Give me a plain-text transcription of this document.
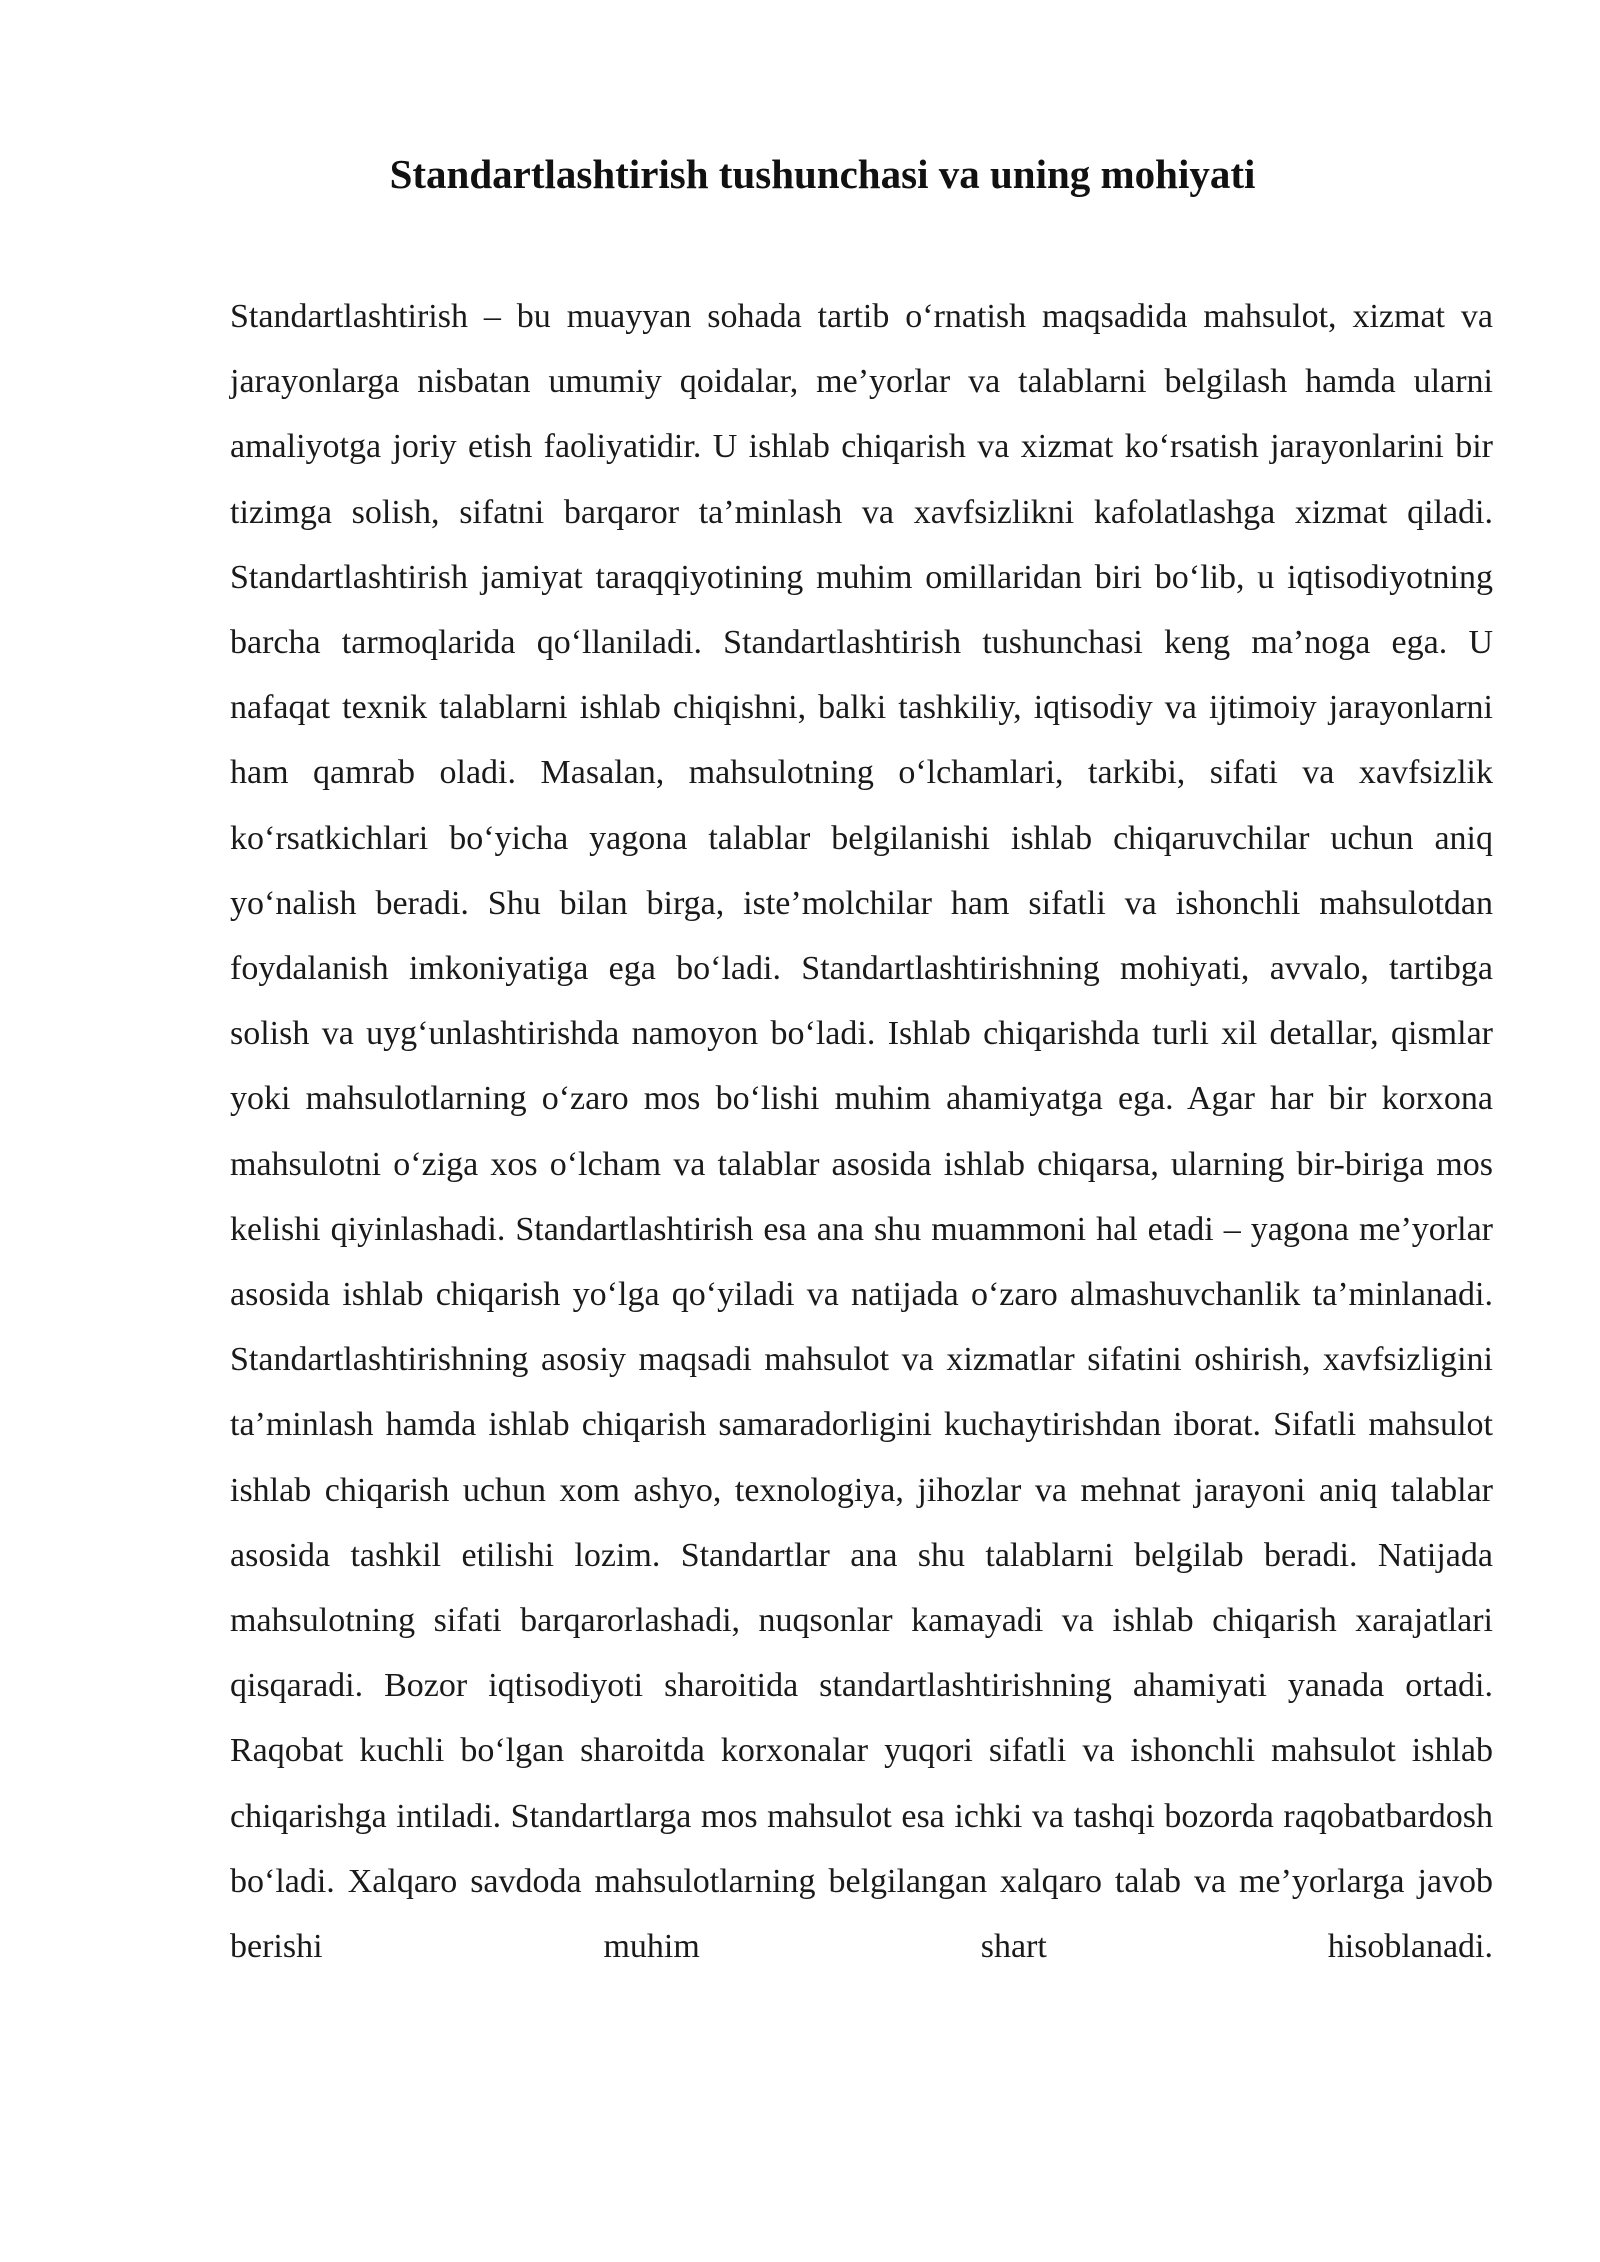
Standartlashtirish tushunchasi va uning mohiyati

Standartlashtirish – bu muayyan sohada tartib o‘rnatish maqsadida mahsulot, xizmat va jarayonlarga nisbatan umumiy qoidalar, me’yorlar va talablarni belgilash hamda ularni amaliyotga joriy etish faoliyatidir. U ishlab chiqarish va xizmat ko‘rsatish jarayonlarini bir tizimga solish, sifatni barqaror ta’minlash va xavfsizlikni kafolatlashga xizmat qiladi. Standartlashtirish jamiyat taraqqiyotining muhim omillaridan biri bo‘lib, u iqtisodiyotning barcha tarmoqlarida qo‘llaniladi. Standartlashtirish tushunchasi keng ma’noga ega. U nafaqat texnik talablarni ishlab chiqishni, balki tashkiliy, iqtisodiy va ijtimoiy jarayonlarni ham qamrab oladi. Masalan, mahsulotning o‘lchamlari, tarkibi, sifati va xavfsizlik ko‘rsatkichlari bo‘yicha yagona talablar belgilanishi ishlab chiqaruvchilar uchun aniq yo‘nalish beradi. Shu bilan birga, iste’molchilar ham sifatli va ishonchli mahsulotdan foydalanish imkoniyatiga ega bo‘ladi. Standartlashtirishning mohiyati, avvalo, tartibga solish va uyg‘unlashtirishda namoyon bo‘ladi. Ishlab chiqarishda turli xil detallar, qismlar yoki mahsulotlarning o‘zaro mos bo‘lishi muhim ahamiyatga ega. Agar har bir korxona mahsulotni o‘ziga xos o‘lcham va talablar asosida ishlab chiqarsa, ularning bir-biriga mos kelishi qiyinlashadi. Standartlashtirish esa ana shu muammoni hal etadi – yagona me’yorlar asosida ishlab chiqarish yo‘lga qo‘yiladi va natijada o‘zaro almashuvchanlik ta’minlanadi. Standartlashtirishning asosiy maqsadi mahsulot va xizmatlar sifatini oshirish, xavfsizligini ta’minlash hamda ishlab chiqarish samaradorligini kuchaytirishdan iborat. Sifatli mahsulot ishlab chiqarish uchun xom ashyo, texnologiya, jihozlar va mehnat jarayoni aniq talablar asosida tashkil etilishi lozim. Standartlar ana shu talablarni belgilab beradi. Natijada mahsulotning sifati barqarorlashadi, nuqsonlar kamayadi va ishlab chiqarish xarajatlari qisqaradi. Bozor iqtisodiyoti sharoitida standartlashtirishning ahamiyati yanada ortadi. Raqobat kuchli bo‘lgan sharoitda korxonalar yuqori sifatli va ishonchli mahsulot ishlab chiqarishga intiladi. Standartlarga mos mahsulot esa ichki va tashqi bozorda raqobatbardosh bo‘ladi. Xalqaro savdoda mahsulotlarning belgilangan xalqaro talab va me’yorlarga javob berishi muhim shart hisoblanadi.
